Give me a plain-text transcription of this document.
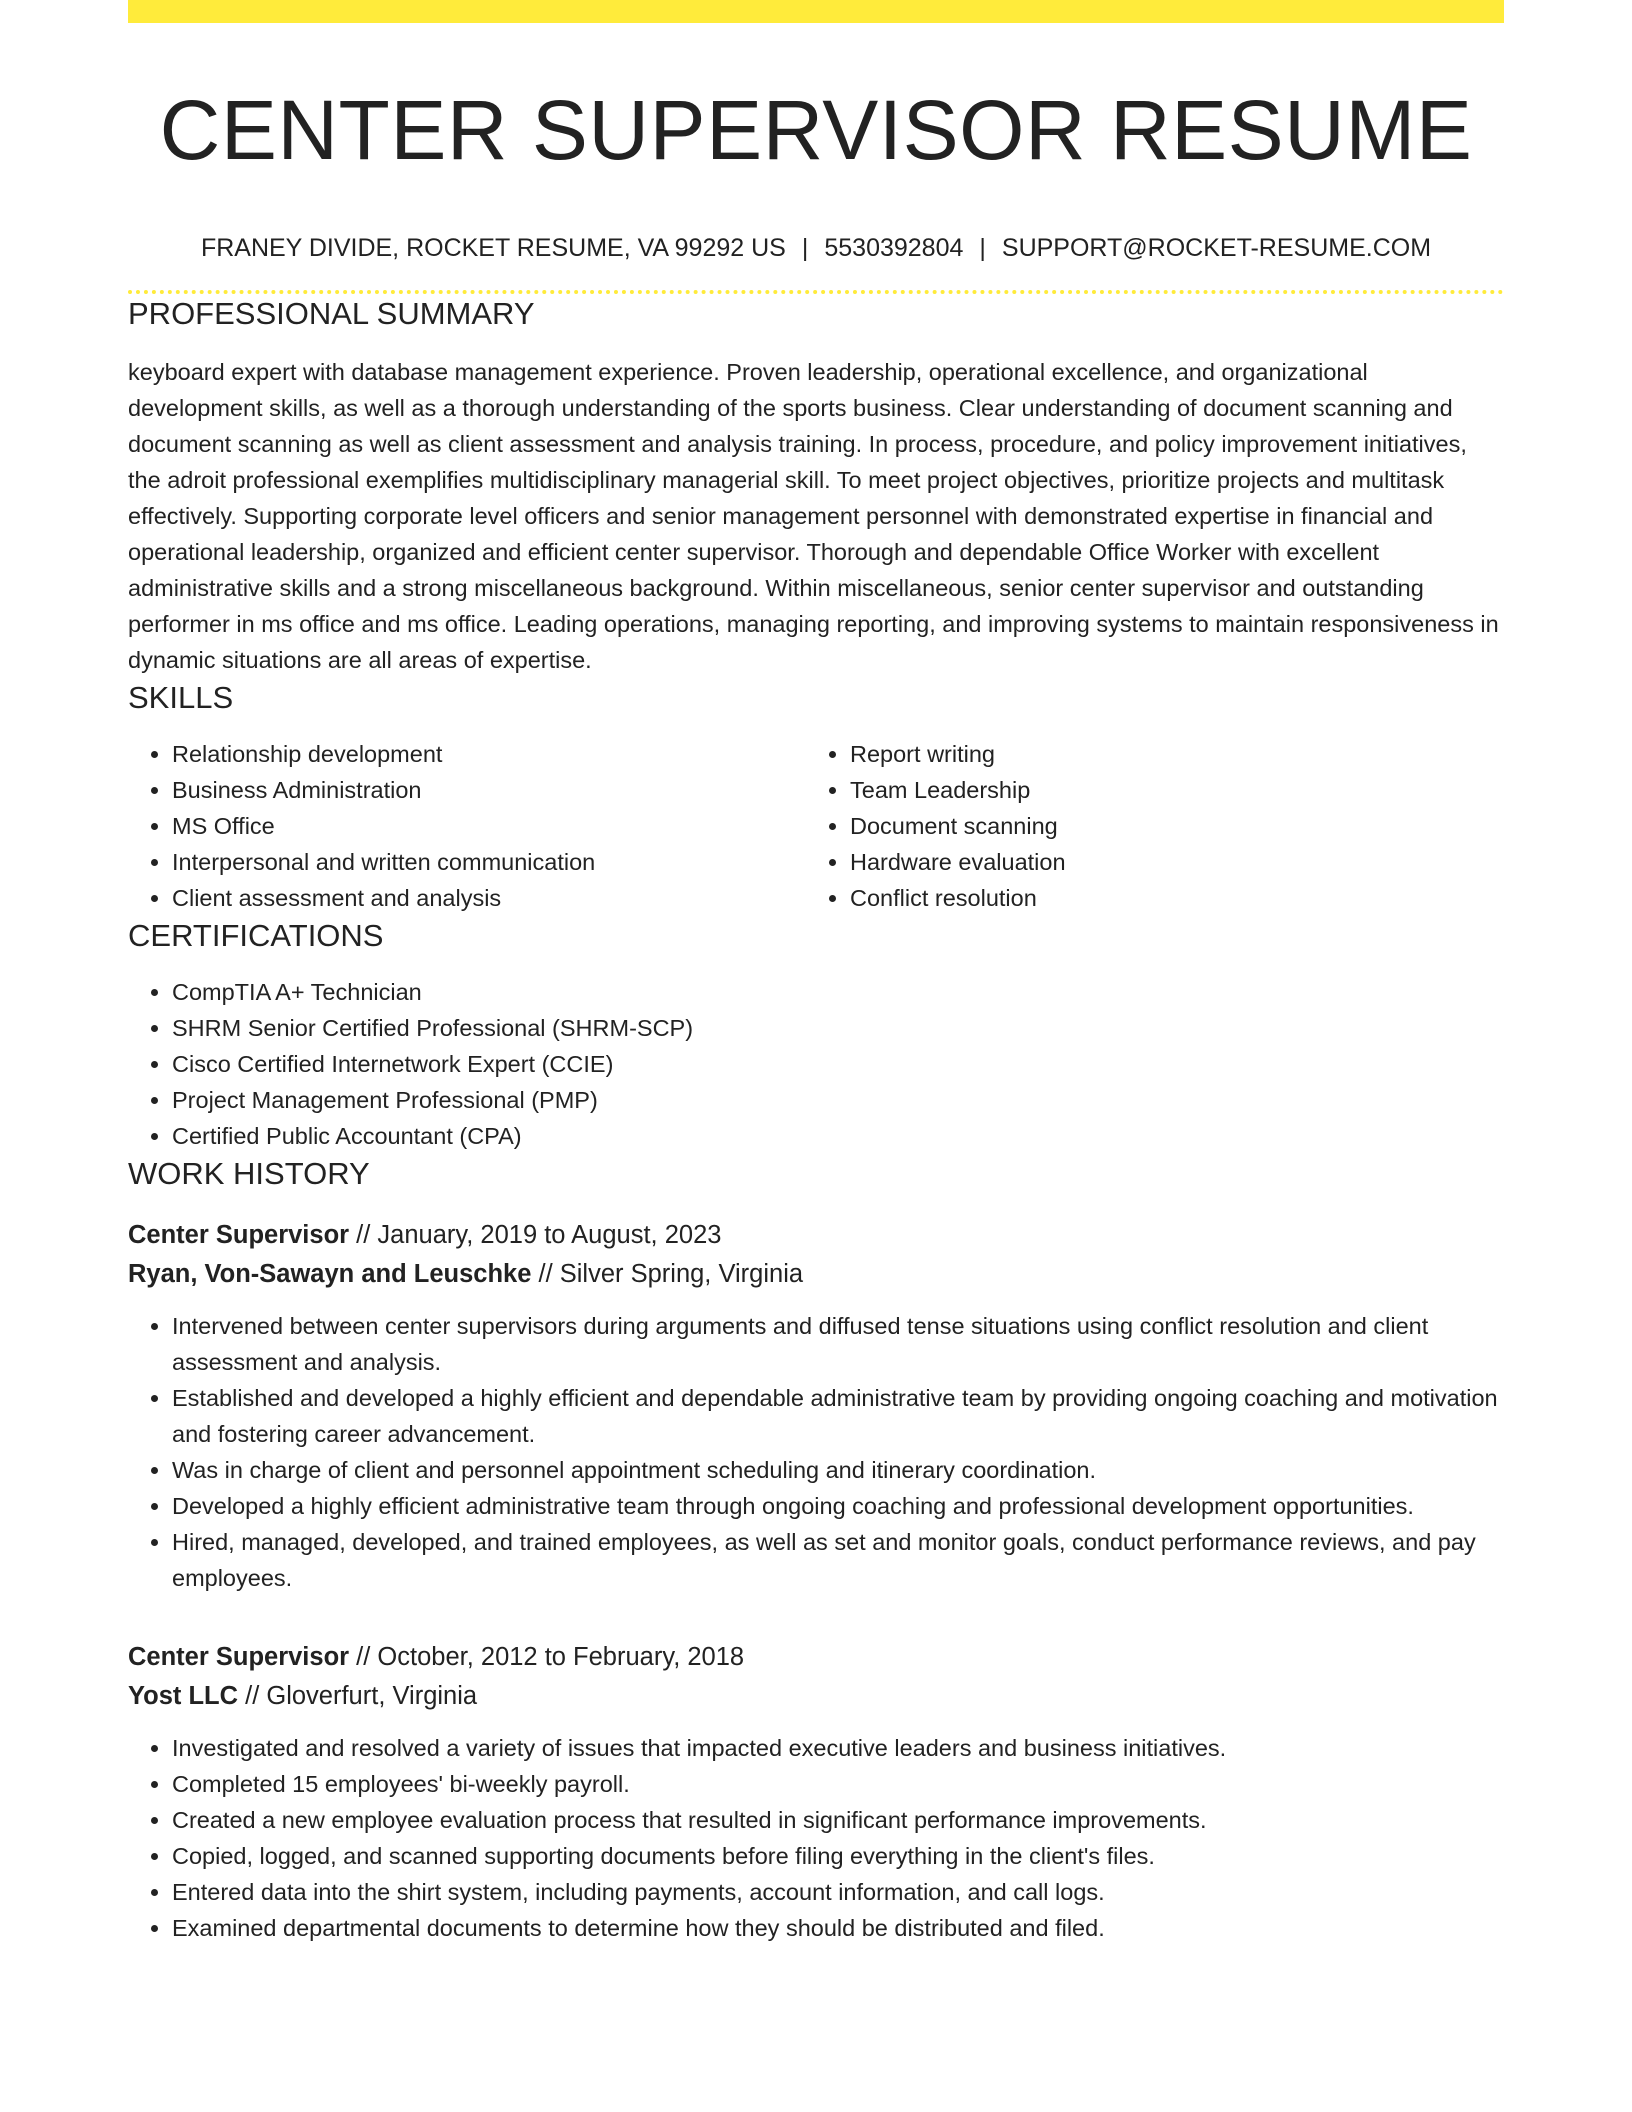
CENTER SUPERVISOR RESUME
FRANEY DIVIDE, ROCKET RESUME, VA 99292 US | 5530392804 | SUPPORT@ROCKET-RESUME.COM
PROFESSIONAL SUMMARY
keyboard expert with database management experience. Proven leadership, operational excellence, and organizational development skills, as well as a thorough understanding of the sports business. Clear understanding of document scanning and document scanning as well as client assessment and analysis training. In process, procedure, and policy improvement initiatives, the adroit professional exemplifies multidisciplinary managerial skill. To meet project objectives, prioritize projects and multitask effectively. Supporting corporate level officers and senior management personnel with demonstrated expertise in financial and operational leadership, organized and efficient center supervisor. Thorough and dependable Office Worker with excellent administrative skills and a strong miscellaneous background. Within miscellaneous, senior center supervisor and outstanding performer in ms office and ms office. Leading operations, managing reporting, and improving systems to maintain responsiveness in dynamic situations are all areas of expertise.
SKILLS
• Relationship development
• Business Administration
• MS Office
• Interpersonal and written communication
• Client assessment and analysis
• Report writing
• Team Leadership
• Document scanning
• Hardware evaluation
• Conflict resolution
CERTIFICATIONS
• CompTIA A+ Technician
• SHRM Senior Certified Professional (SHRM-SCP)
• Cisco Certified Internetwork Expert (CCIE)
• Project Management Professional (PMP)
• Certified Public Accountant (CPA)
WORK HISTORY
Center Supervisor // January, 2019 to August, 2023
Ryan, Von-Sawayn and Leuschke // Silver Spring, Virginia
• Intervened between center supervisors during arguments and diffused tense situations using conflict resolution and client assessment and analysis.
• Established and developed a highly efficient and dependable administrative team by providing ongoing coaching and motivation and fostering career advancement.
• Was in charge of client and personnel appointment scheduling and itinerary coordination.
• Developed a highly efficient administrative team through ongoing coaching and professional development opportunities.
• Hired, managed, developed, and trained employees, as well as set and monitor goals, conduct performance reviews, and pay employees.
Center Supervisor // October, 2012 to February, 2018
Yost LLC // Gloverfurt, Virginia
• Investigated and resolved a variety of issues that impacted executive leaders and business initiatives.
• Completed 15 employees' bi-weekly payroll.
• Created a new employee evaluation process that resulted in significant performance improvements.
• Copied, logged, and scanned supporting documents before filing everything in the client's files.
• Entered data into the shirt system, including payments, account information, and call logs.
• Examined departmental documents to determine how they should be distributed and filed.
